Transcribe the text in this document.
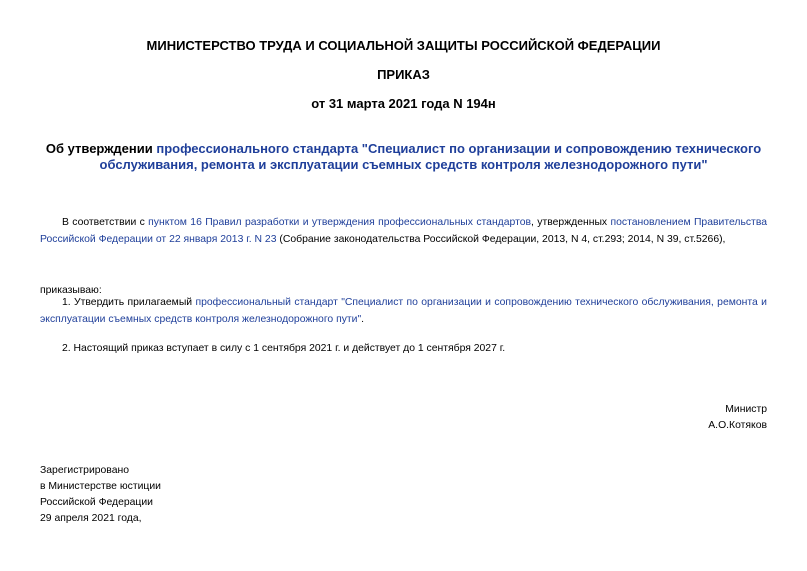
МИНИСТЕРСТВО ТРУДА И СОЦИАЛЬНОЙ ЗАЩИТЫ РОССИЙСКОЙ ФЕДЕРАЦИИ
ПРИКАЗ
от 31 марта 2021 года N 194н
Об утверждении профессионального стандарта "Специалист по организации и сопровождению технического обслуживания, ремонта и эксплуатации съемных средств контроля железнодорожного пути"
В соответствии с пунктом 16 Правил разработки и утверждения профессиональных стандартов, утвержденных постановлением Правительства Российской Федерации от 22 января 2013 г. N 23 (Собрание законодательства Российской Федерации, 2013, N 4, ст.293; 2014, N 39, ст.5266),
приказываю:
1. Утвердить прилагаемый профессиональный стандарт "Специалист по организации и сопровождению технического обслуживания, ремонта и эксплуатации съемных средств контроля железнодорожного пути".
2. Настоящий приказ вступает в силу с 1 сентября 2021 г. и действует до 1 сентября 2027 г.
Министр
А.О.Котяков
Зарегистрировано
в Министерстве юстиции
Российской Федерации
29 апреля 2021 года,
